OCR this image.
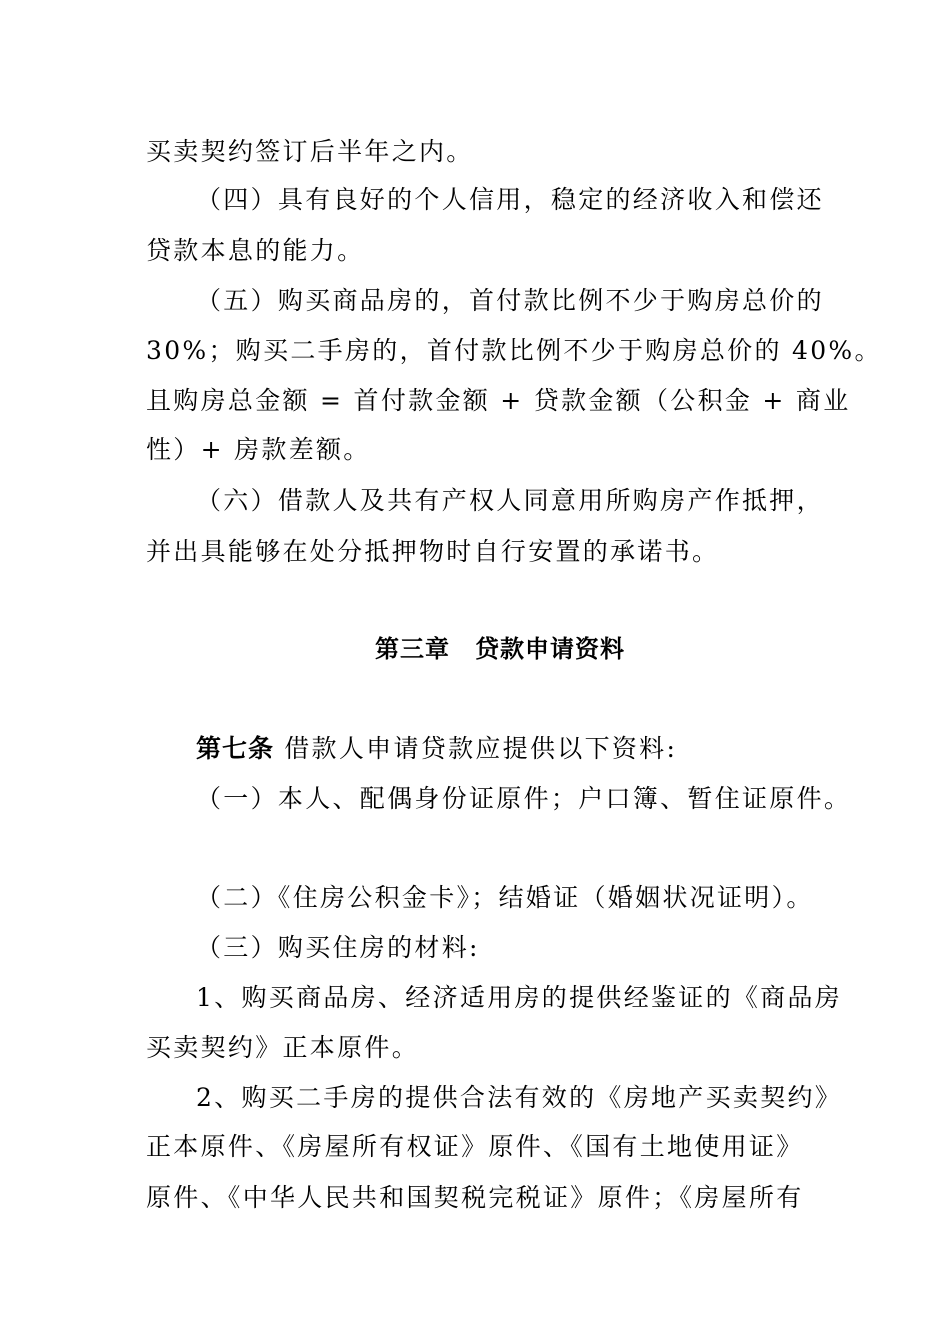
买卖契约签订后半年之内。
（四）具有良好的个人信用，稳定的经济收入和偿还
贷款本息的能力。
（五）购买商品房的，首付款比例不少于购房总价的
30%；购买二手房的，首付款比例不少于购房总价的 40%。
且购房总金额 = 首付款金额 + 贷款金额（公积金 + 商业
性）+ 房款差额。
（六）借款人及共有产权人同意用所购房产作抵押，
并出具能够在处分抵押物时自行安置的承诺书。
第三章　贷款申请资料
第七条 借款人申请贷款应提供以下资料:
（一）本人、配偶身份证原件；户口簿、暂住证原件。
（二）《住房公积金卡》；结婚证（婚姻状况证明）。
（三）购买住房的材料:
1、购买商品房、经济适用房的提供经鉴证的《商品房
买卖契约》正本原件。
2、购买二手房的提供合法有效的《房地产买卖契约》
正本原件、《房屋所有权证》原件、《国有土地使用证》
原件、《中华人民共和国契税完税证》原件；《房屋所有
